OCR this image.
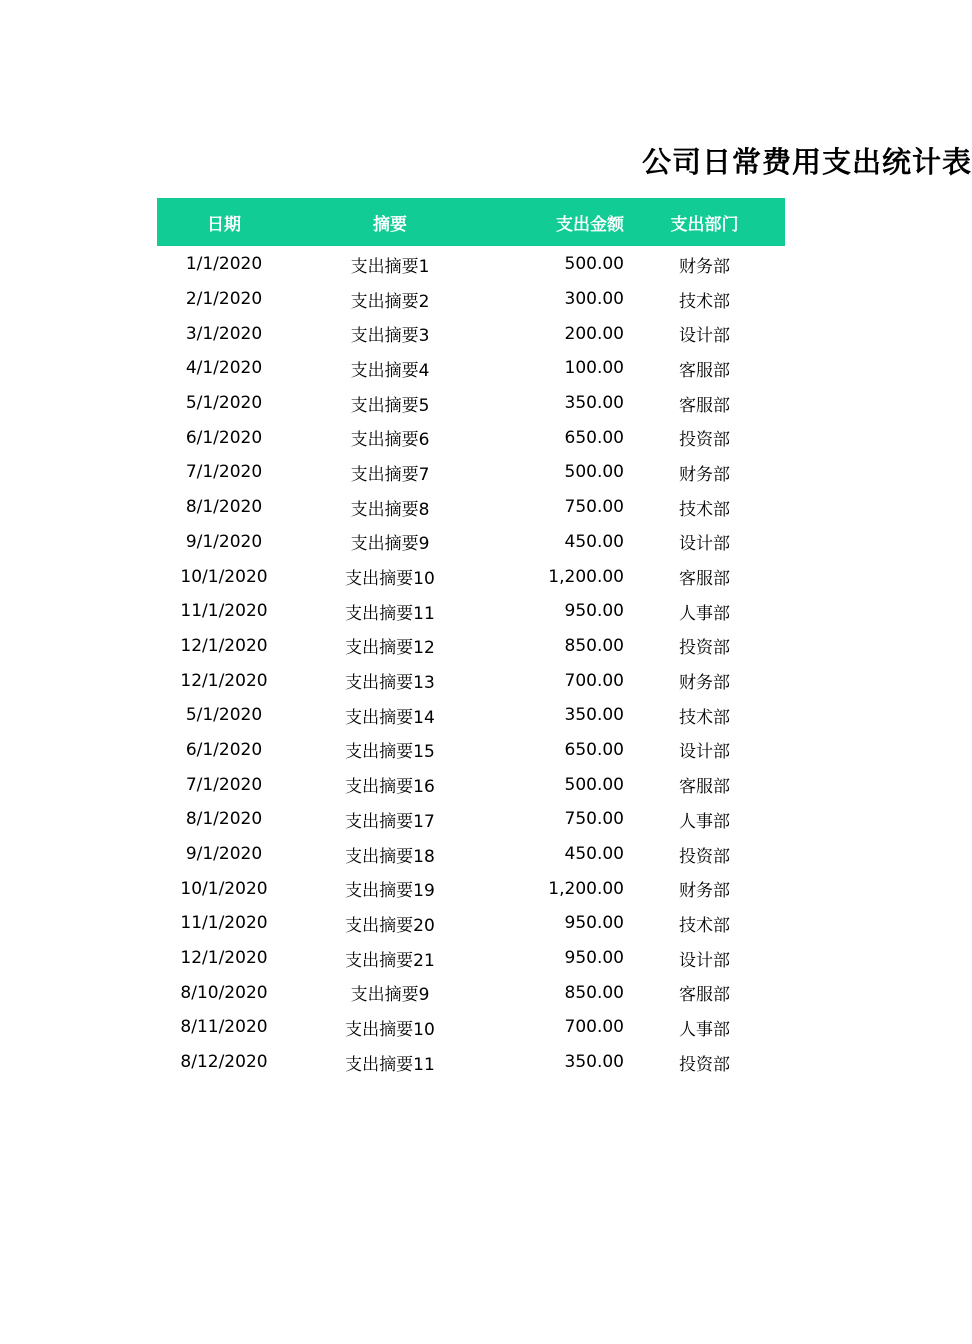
公司日常费用支出统计表
日期	摘要	支出金额	支出部门
1/1/2020	支出摘要1	500.00	财务部
2/1/2020	支出摘要2	300.00	技术部
3/1/2020	支出摘要3	200.00	设计部
4/1/2020	支出摘要4	100.00	客服部
5/1/2020	支出摘要5	350.00	客服部
6/1/2020	支出摘要6	650.00	投资部
7/1/2020	支出摘要7	500.00	财务部
8/1/2020	支出摘要8	750.00	技术部
9/1/2020	支出摘要9	450.00	设计部
10/1/2020	支出摘要10	1,200.00	客服部
11/1/2020	支出摘要11	950.00	人事部
12/1/2020	支出摘要12	850.00	投资部
12/1/2020	支出摘要13	700.00	财务部
5/1/2020	支出摘要14	350.00	技术部
6/1/2020	支出摘要15	650.00	设计部
7/1/2020	支出摘要16	500.00	客服部
8/1/2020	支出摘要17	750.00	人事部
9/1/2020	支出摘要18	450.00	投资部
10/1/2020	支出摘要19	1,200.00	财务部
11/1/2020	支出摘要20	950.00	技术部
12/1/2020	支出摘要21	950.00	设计部
8/10/2020	支出摘要9	850.00	客服部
8/11/2020	支出摘要10	700.00	人事部
8/12/2020	支出摘要11	350.00	投资部
